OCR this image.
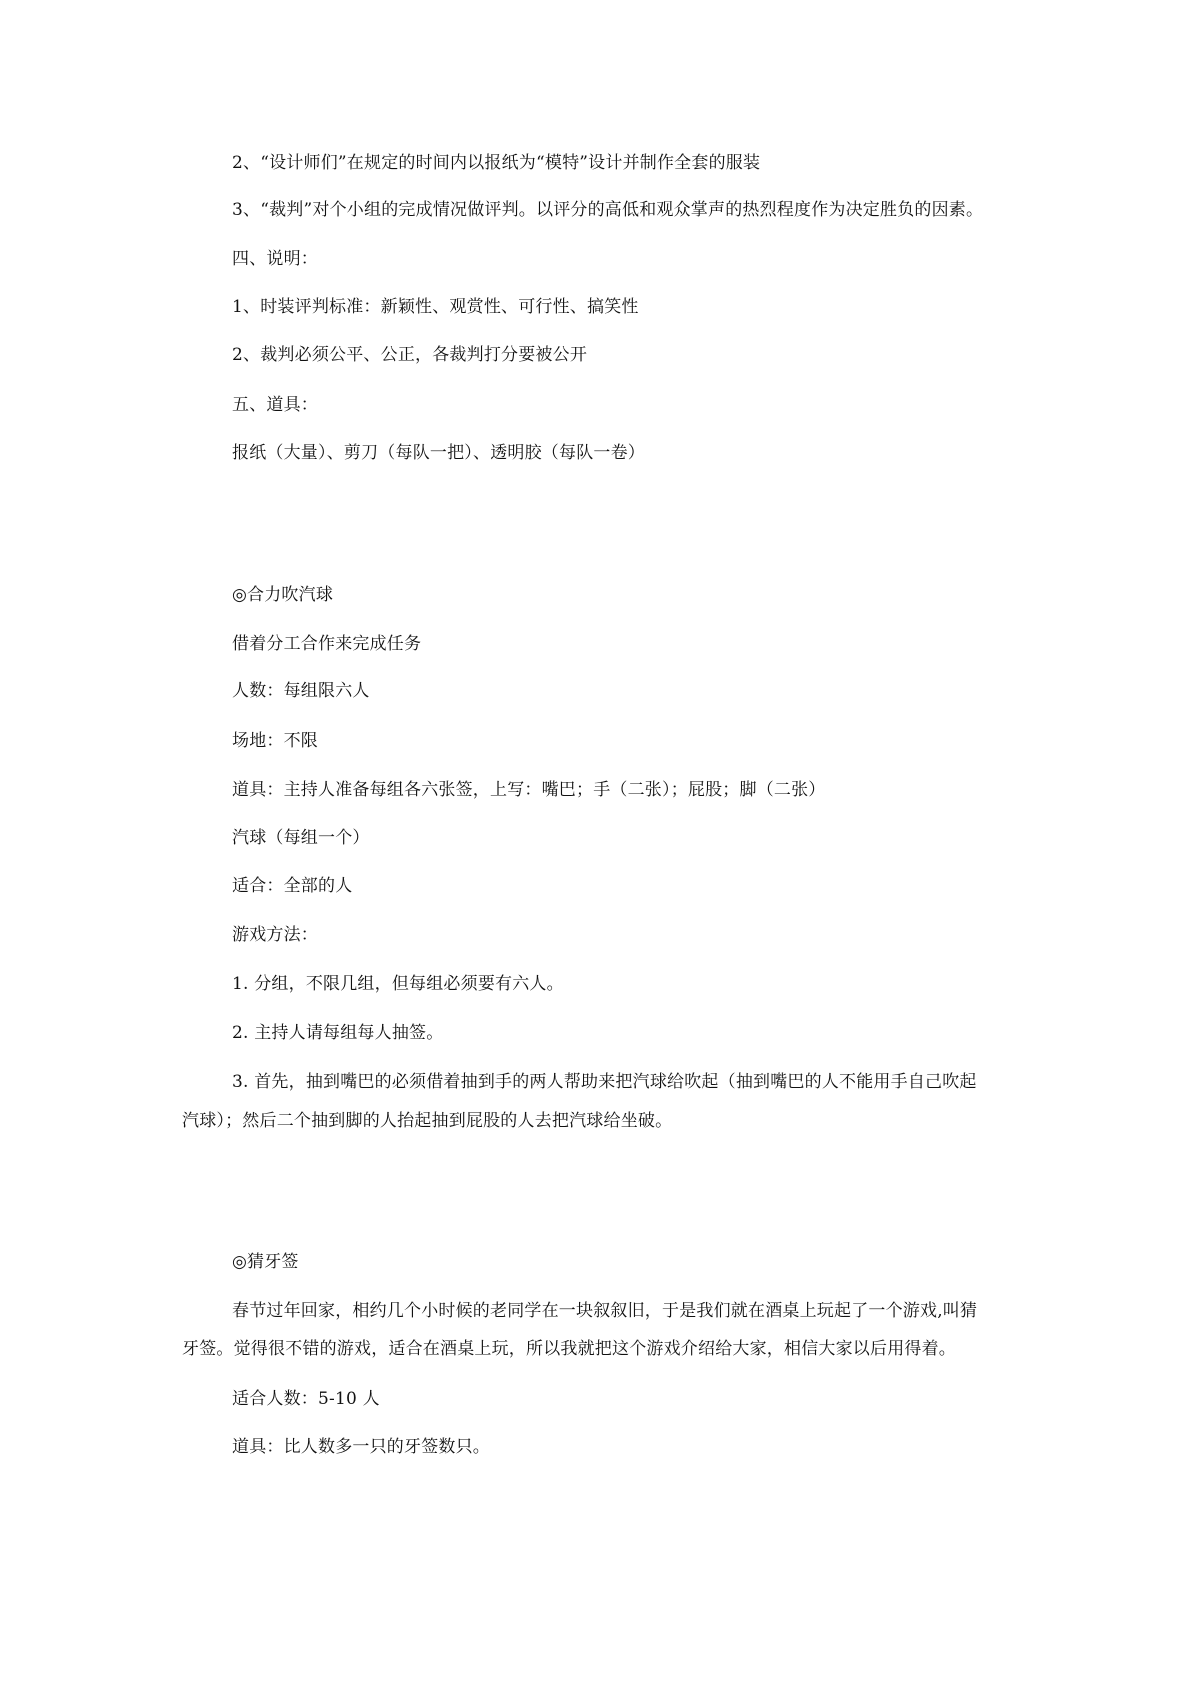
2、“设计师们”在规定的时间内以报纸为“模特”设计并制作全套的服装
3、“裁判”对个小组的完成情况做评判。以评分的高低和观众掌声的热烈程度作为决定胜负的因素。
四、说明：
1、时装评判标准：新颖性、观赏性、可行性、搞笑性
2、裁判必须公平、公正，各裁判打分要被公开
五、道具：
报纸（大量）、剪刀（每队一把）、透明胶（每队一卷）
◎合力吹汽球
借着分工合作来完成任务
人数：每组限六人
场地：不限
道具：主持人准备每组各六张签，上写：嘴巴；手（二张）；屁股；脚（二张）
汽球（每组一个）
适合：全部的人
游戏方法：
1. 分组，不限几组，但每组必须要有六人。
2. 主持人请每组每人抽签。
3. 首先，抽到嘴巴的必须借着抽到手的两人帮助来把汽球给吹起（抽到嘴巴的人不能用手自己吹起
汽球）；然后二个抽到脚的人抬起抽到屁股的人去把汽球给坐破。
◎猜牙签
春节过年回家，相约几个小时候的老同学在一块叙叙旧，于是我们就在酒桌上玩起了一个游戏,叫猜
牙签。觉得很不错的游戏，适合在酒桌上玩，所以我就把这个游戏介绍给大家，相信大家以后用得着。
适合人数：5-10 人
道具：比人数多一只的牙签数只。
